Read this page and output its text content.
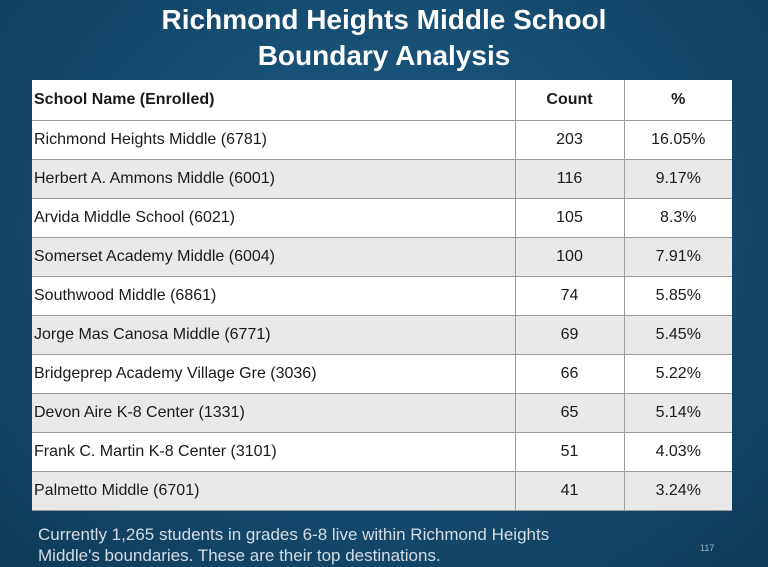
Richmond Heights Middle School
Boundary Analysis
School Name (Enrolled)	Count	%
Richmond Heights Middle (6781)	203	16.05%
Herbert A. Ammons Middle (6001)	116	9.17%
Arvida Middle School (6021)	105	8.3%
Somerset Academy Middle (6004)	100	7.91%
Southwood Middle (6861)	74	5.85%
Jorge Mas Canosa Middle (6771)	69	5.45%
Bridgeprep Academy Village Gre (3036)	66	5.22%
Devon Aire K-8 Center (1331)	65	5.14%
Frank C. Martin K-8 Center (3101)	51	4.03%
Palmetto Middle (6701)	41	3.24%

Currently 1,265 students in grades 6-8 live within Richmond Heights
Middle's boundaries. These are their top destinations.	117
